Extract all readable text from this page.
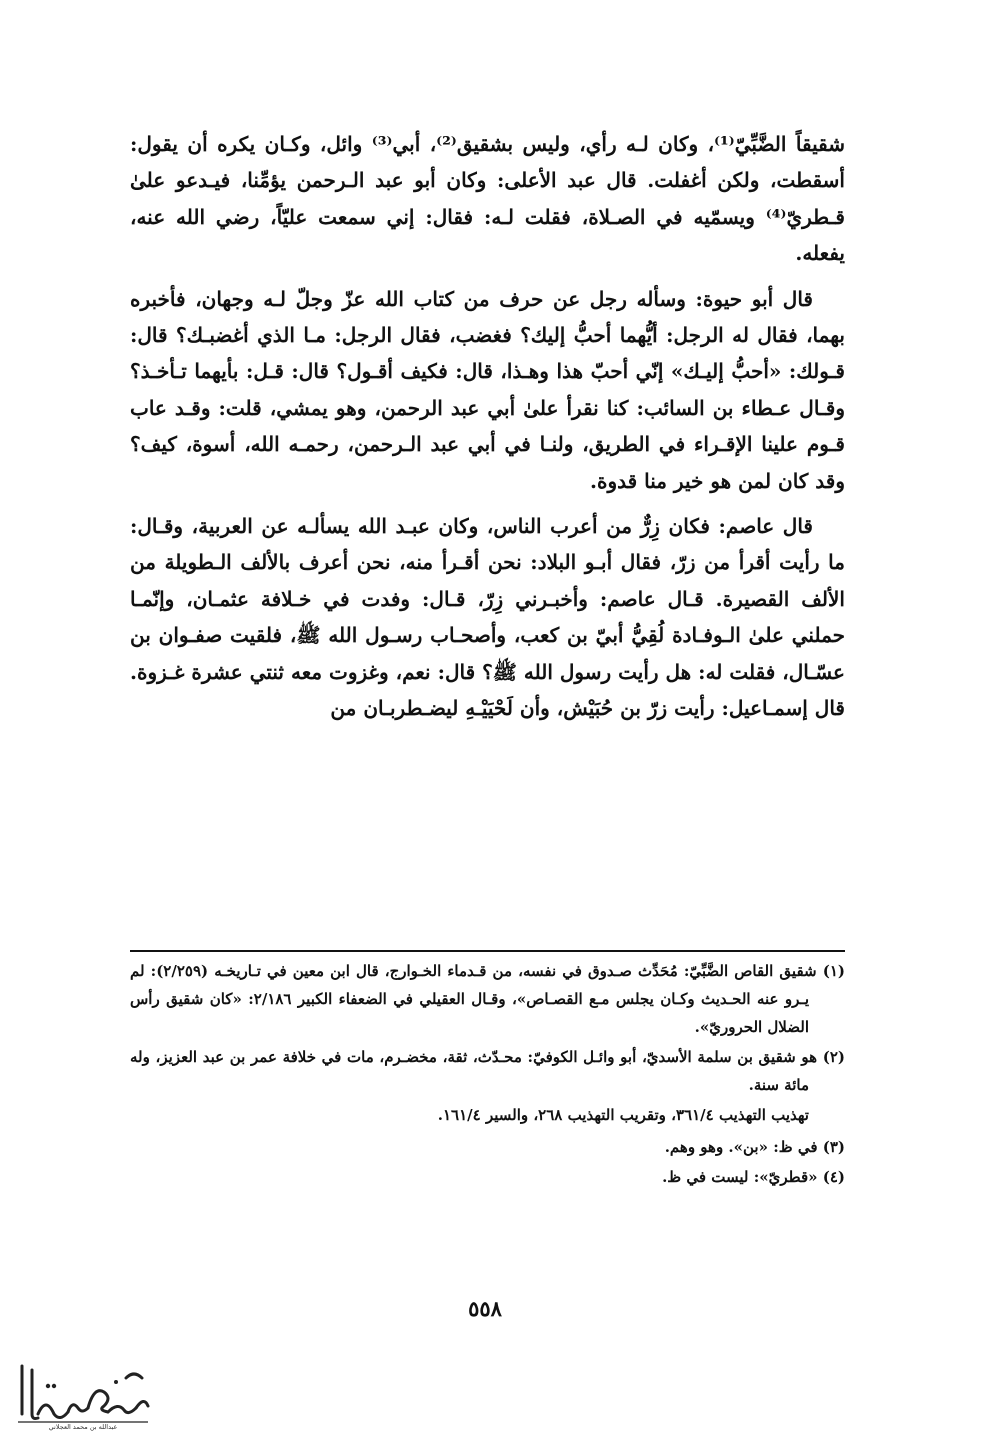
شقيقاً الضَّبِّيّ⁽¹⁾، وكان لـه رأي، وليس بشقيق⁽²⁾، أبي⁽³⁾ وائل، وكـان يكره أن يقول: أسقطت، ولكن أغفلت. قال عبد الأعلى: وكان أبو عبد الـرحمن يؤمِّنا، فيـدعو علىٰ قـطريّ⁽⁴⁾ ويسمّيه في الصـلاة، فقلت لـه: فقال: إني سمعت عليّاً، رضي الله عنه، يفعله.

قال أبو حيوة: وسأله رجل عن حرف من كتاب الله عزّ وجلّ لـه وجهان، فأخبره بهما، فقال له الرجل: أيُّهما أحبُّ إليك؟ فغضب، فقال الرجل: مـا الذي أغضبـك؟ قال: قـولك: «أحبُّ إليـك» إنّي أحبّ هذا وهـذا، قال: فكيف أقـول؟ قال: قـل: بأيهما تـأخـذ؟ وقـال عـطاء بن السائب: كنا نقرأ علىٰ أبي عبد الرحمن، وهو يمشي، قلت: وقـد عاب قـوم علينا الإقـراء في الطريق، ولنـا في أبي عبد الـرحمن، رحمـه الله، أسوة، كيف؟ وقد كان لمن هو خير منا قدوة.

قال عاصم: فكان زِرٌّ من أعرب الناس، وكان عبـد الله يسألـه عن العربية، وقـال: ما رأيت أقرأ من زرّ، فقال أبـو البلاد: نحن أقـرأ منه، نحن أعرف بالألف الـطويلة من الألف القصيرة. قـال عاصم: وأخبـرني زِرّ، قـال: وفدت في خـلافة عثمـان، وإنّمـا حملني علىٰ الـوفـادة لُقِيُّ أبيّ بن كعب، وأصحـاب رسـول الله ﷺ، فلقيت صفـوان بن عسّـال، فقلت له: هل رأيت رسول الله ﷺ؟ قال: نعم، وغزوت معه ثنتي عشرة غـزوة. قال إسمـاعيل: رأيت زرّ بن حُبَيْش، وأن لَحْيَيْـهِ ليضـطربـان من

(١) شقيق القاص الضَّبِّيّ: مُحَدِّث صـدوق في نفسه، من قـدماء الخـوارج، قال ابن معين في تـاريخـه (٢/٢٥٩): لم يـرو عنه الحـديث وكـان يجلس مـع القصـاص»، وقـال العقيلي في الضعفاء الكبير ٢/١٨٦: «كان شقيق رأس الضلال الحروريّ».
(٢) هو شقيق بن سلمة الأسديّ، أبو وائـل الكوفيّ: محـدّث، ثقة، مخضـرم، مات في خلافة عمر بن عبد العزيز، وله مائة سنة.
تهذيب التهذيب ٣٦١/٤، وتقريب التهذيب ٢٦٨، والسير ١٦١/٤.
(٣) في ظ: «بن». وهو وهم.
(٤) «قطريّ»: ليست في ظ.
٥٥٨
عبدالله بن محمد العجلاني
